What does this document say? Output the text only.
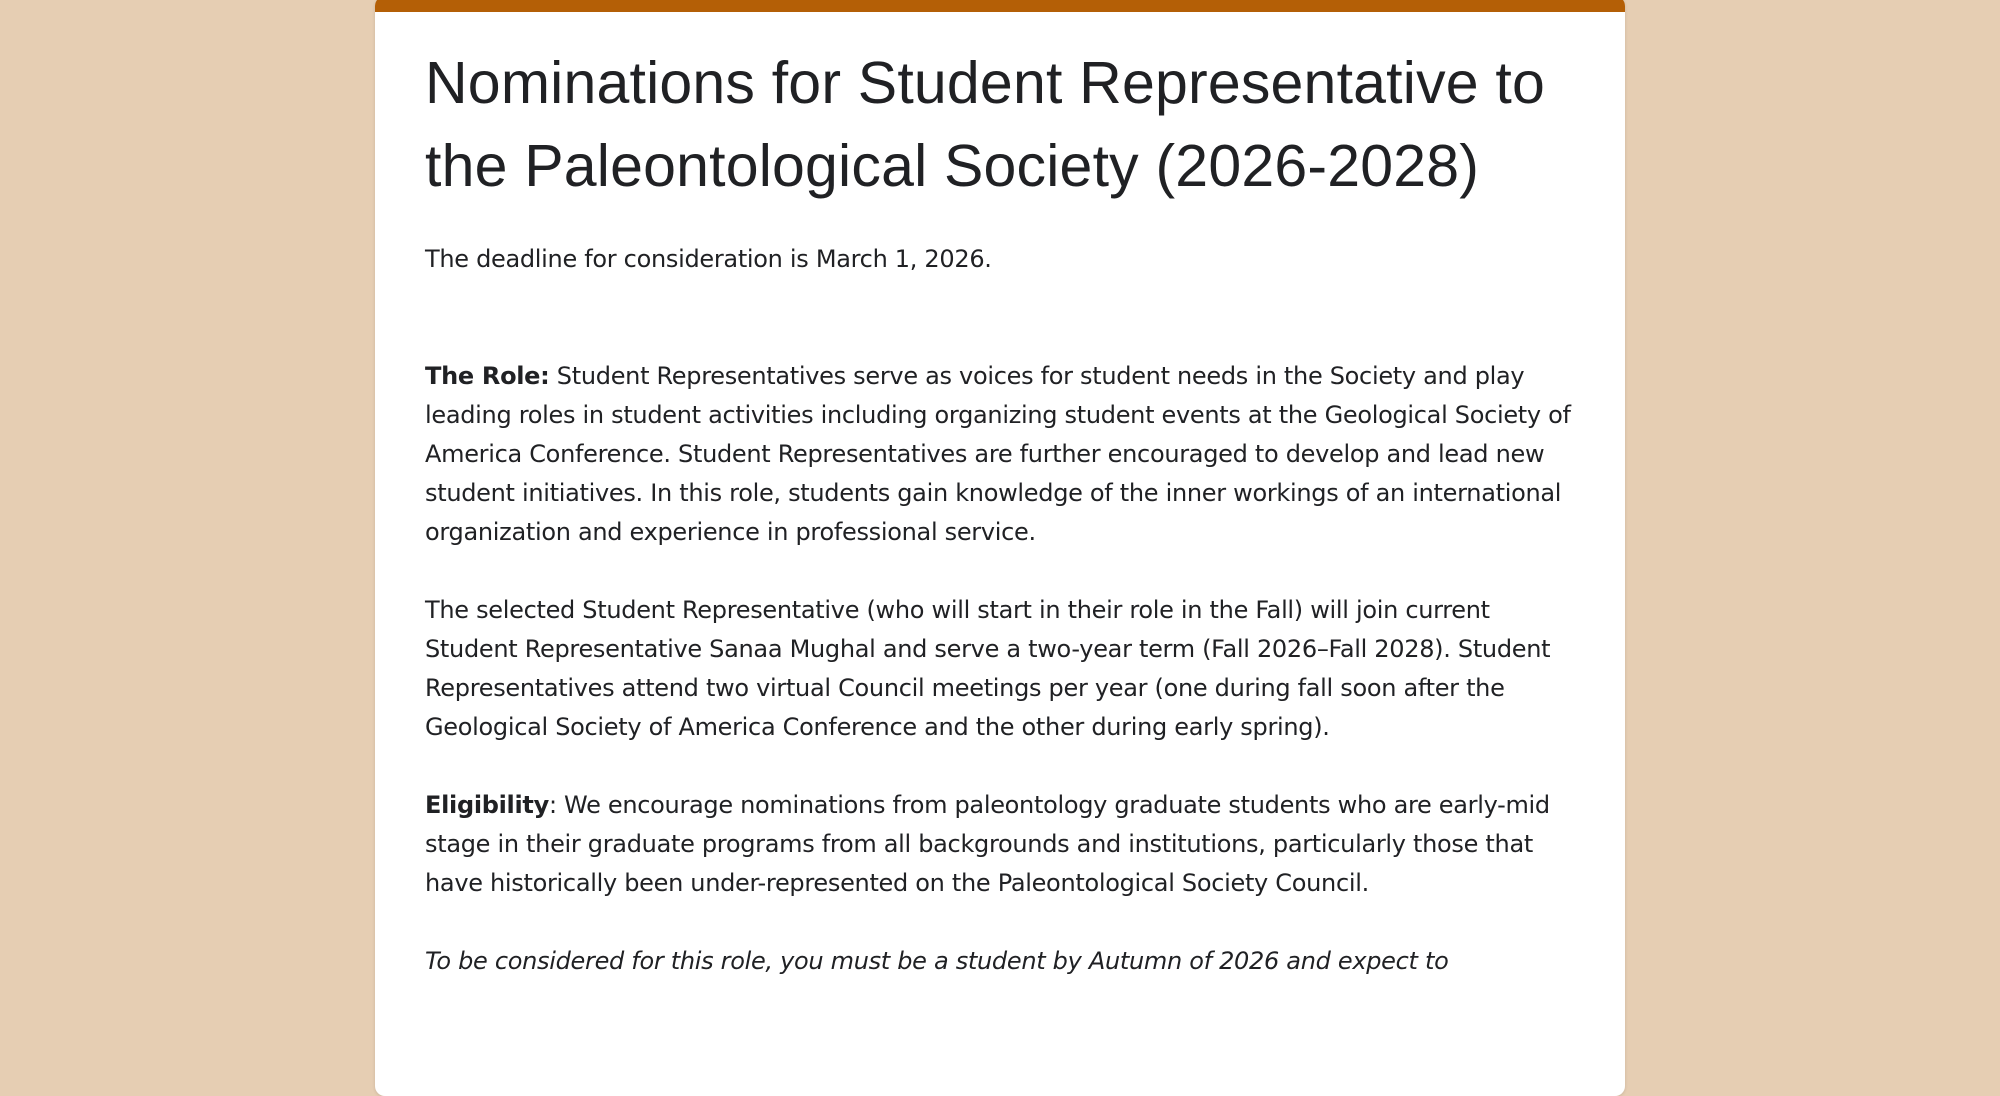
Nominations for Student Representative to the Paleontological Society (2026-2028)

The deadline for consideration is March 1, 2026.

The Role: Student Representatives serve as voices for student needs in the Society and play leading roles in student activities including organizing student events at the Geological Society of America Conference. Student Representatives are further encouraged to develop and lead new student initiatives. In this role, students gain knowledge of the inner workings of an international organization and experience in professional service.

The selected Student Representative (who will start in their role in the Fall) will join current Student Representative Sanaa Mughal and serve a two-year term (Fall 2026–Fall 2028). Student Representatives attend two virtual Council meetings per year (one during fall soon after the Geological Society of America Conference and the other during early spring).

Eligibility: We encourage nominations from paleontology graduate students who are early-mid stage in their graduate programs from all backgrounds and institutions, particularly those that have historically been under-represented on the Paleontological Society Council.

To be considered for this role, you must be a student by Autumn of 2026 and expect to
